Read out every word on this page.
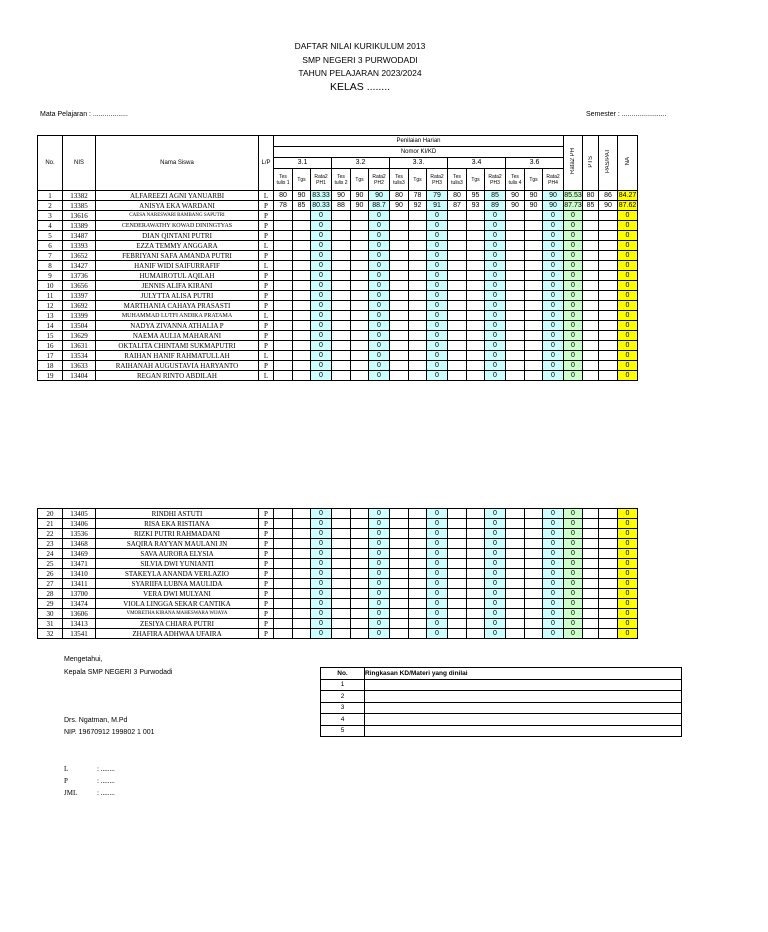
DAFTAR NILAI KURIKULUM 2013
SMP NEGERI 3 PURWODADI
TAHUN PELAJARAN 2023/2024
KELAS ........
Mata Pelajaran : ..................	Semester : .......................
No.	NIS	Nama Siswa	L/P	Penilaian Harian															Rata2 PH	PTS	PAS/PAT	NA
				Nomor KI/KD																		
				3.1			3.2			3.3.			3.4			3.6						
				Tes tulis 1	Tgs	Rata2 PH1	Tes tulis 2	Tgs	Rata2 PH2	Tes tulis3	Tgs	Rata2 PH3	Tes tulis3	Tgs	Rata2 PH3	Tes tulis 4	Tgs	Rata2 PH4				
1	13382	ALFAREEZI AGNI YANUARBI	L	80	90	83.33	90	90	90	80	78	79	80	95	85	90	90	90	85.53	80	86	84.27
2	13385	ANISYA EKA WARDANI	P	78	85	80.33	88	90	88.7	90	92	91	87	93	89	90	90	90	87.73	85	90	87.62
3	13616	CAESA NARESWARI BAMBANG SAPUTRI	P			0			0			0			0			0	0			0
4	13389	CENDERAWATHY KOWAD DININGTYAS	P			0			0			0			0			0	0			0
5	13487	DIAN QINTANI PUTRI	P			0			0			0			0			0	0			0
6	13393	EZZA TEMMY ANGGARA	L			0			0			0			0			0	0			0
7	13652	FEBRIYANI SAFA AMANDA PUTRI	P			0			0			0			0			0	0			0
8	13427	HANIF WIDI SAIFURRAFIF	L			0			0			0			0			0	0			0
9	13736	HUMAIROTUL AQILAH	P			0			0			0			0			0	0			0
10	13656	JENNIS ALIFA KIRANI	P			0			0			0			0			0	0			0
11	13397	JULYTTA ALISA PUTRI	P			0			0			0			0			0	0			0
12	13692	MARTHANIA CAHAYA PRASASTI	P			0			0			0			0			0	0			0
13	13399	MUHAMMAD LUTFI ANDIKA PRATAMA	L			0			0			0			0			0	0			0
14	13504	NADYA ZIVANNA ATHALIA P	P			0			0			0			0			0	0			0
15	13629	NAEMA AULIA MAHARANI	P			0			0			0			0			0	0			0
16	13631	OKTALITA CHINTAMI SUKMAPUTRI	P			0			0			0			0			0	0			0
17	13534	RAIHAN HANIF RAHMATULLAH	L			0			0			0			0			0	0			0
18	13633	RAIHANAH AUGUSTAVIA HARYANTO	P			0			0			0			0			0	0			0
19	13404	REGAN RINTO ABDILAH	L			0			0			0			0			0	0			0
20	13405	RINDHI ASTUTI	P			0			0			0			0			0	0			0
21	13406	RISA EKA RISTIANA	P			0			0			0			0			0	0			0
22	13536	RIZKI PUTRI RAHMADANI	P			0			0			0			0			0	0			0
23	13468	SAQIRA RAYYAN MAULANI JN	P			0			0			0			0			0	0			0
24	13469	SAVA AURORA ELYSIA	P			0			0			0			0			0	0			0
25	13471	SILVIA DWI YUNIANTI	P			0			0			0			0			0	0			0
26	13410	STAKEYLA ANANDA VERLAZIO	P			0			0			0			0			0	0			0
27	13411	SYARIIFA LUBNA MAULIDA	P			0			0			0			0			0	0			0
28	13700	VERA DWI MULYANI	P			0			0			0			0			0	0			0
29	13474	VIOLA LINGGA SEKAR CANTIKA	P			0			0			0			0			0	0			0
30	13606	VMORETHA KIRANA MAHESWARA WIJAYA	P			0			0			0			0			0	0			0
31	13413	ZESIYA CHIARA PUTRI	P			0			0			0			0			0	0			0
32	13541	ZHAFIRA ADHWAA UFAIRA	P			0			0			0			0			0	0			0
Mengetahui,
Kepala SMP NEGERI 3 Purwodadi
Drs. Ngatman, M.Pd
NIP. 19670912 199802 1 001
No.	Ringkasan KD/Materi yang dinilai
1	
2	
3	
4	
5	
L	: ........
P	: ........
JML	: ........
